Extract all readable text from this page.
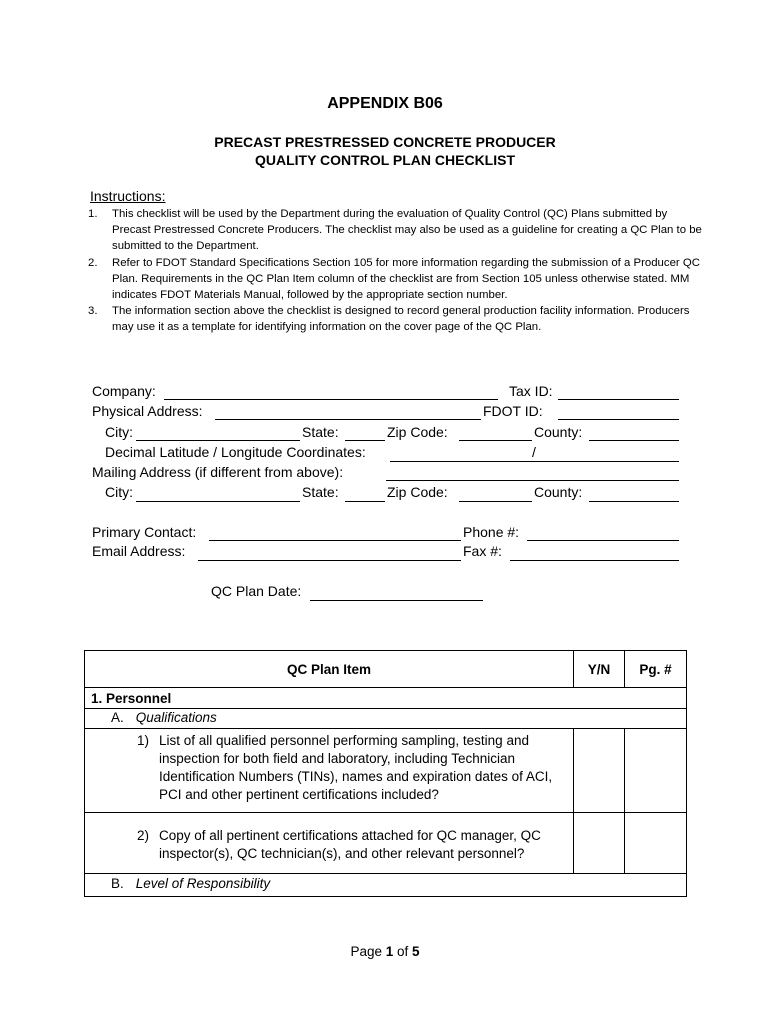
APPENDIX B06
PRECAST PRESTRESSED CONCRETE PRODUCER
QUALITY CONTROL PLAN CHECKLIST
Instructions:
1.	This checklist will be used by the Department during the evaluation of Quality Control (QC) Plans submitted by Precast Prestressed Concrete Producers. The checklist may also be used as a guideline for creating a QC Plan to be submitted to the Department.
2.	Refer to FDOT Standard Specifications Section 105 for more information regarding the submission of a Producer QC Plan. Requirements in the QC Plan Item column of the checklist are from Section 105 unless otherwise stated. MM indicates FDOT Materials Manual, followed by the appropriate section number.
3.	The information section above the checklist is designed to record general production facility information. Producers may use it as a template for identifying information on the cover page of the QC Plan.
Company:	Tax ID:
Physical Address:	FDOT ID:
City:	State:	Zip Code:	County:
Decimal Latitude / Longitude Coordinates:	/
Mailing Address (if different from above):
City:	State:	Zip Code:	County:
Primary Contact:	Phone #:
Email Address:	Fax #:
QC Plan Date:
QC Plan Item	Y/N	Pg. #
1. Personnel		
A. Qualifications		

1) List of all qualified personnel performing sampling, testing and inspection for both field and laboratory, including Technician Identification Numbers (TINs), names and expiration dates of ACI, PCI and other pertinent certifications included?		

2) Copy of all pertinent certifications attached for QC manager, QC inspector(s), QC technician(s), and other relevant personnel?		

B. Level of Responsibility		
Page 1 of 5
